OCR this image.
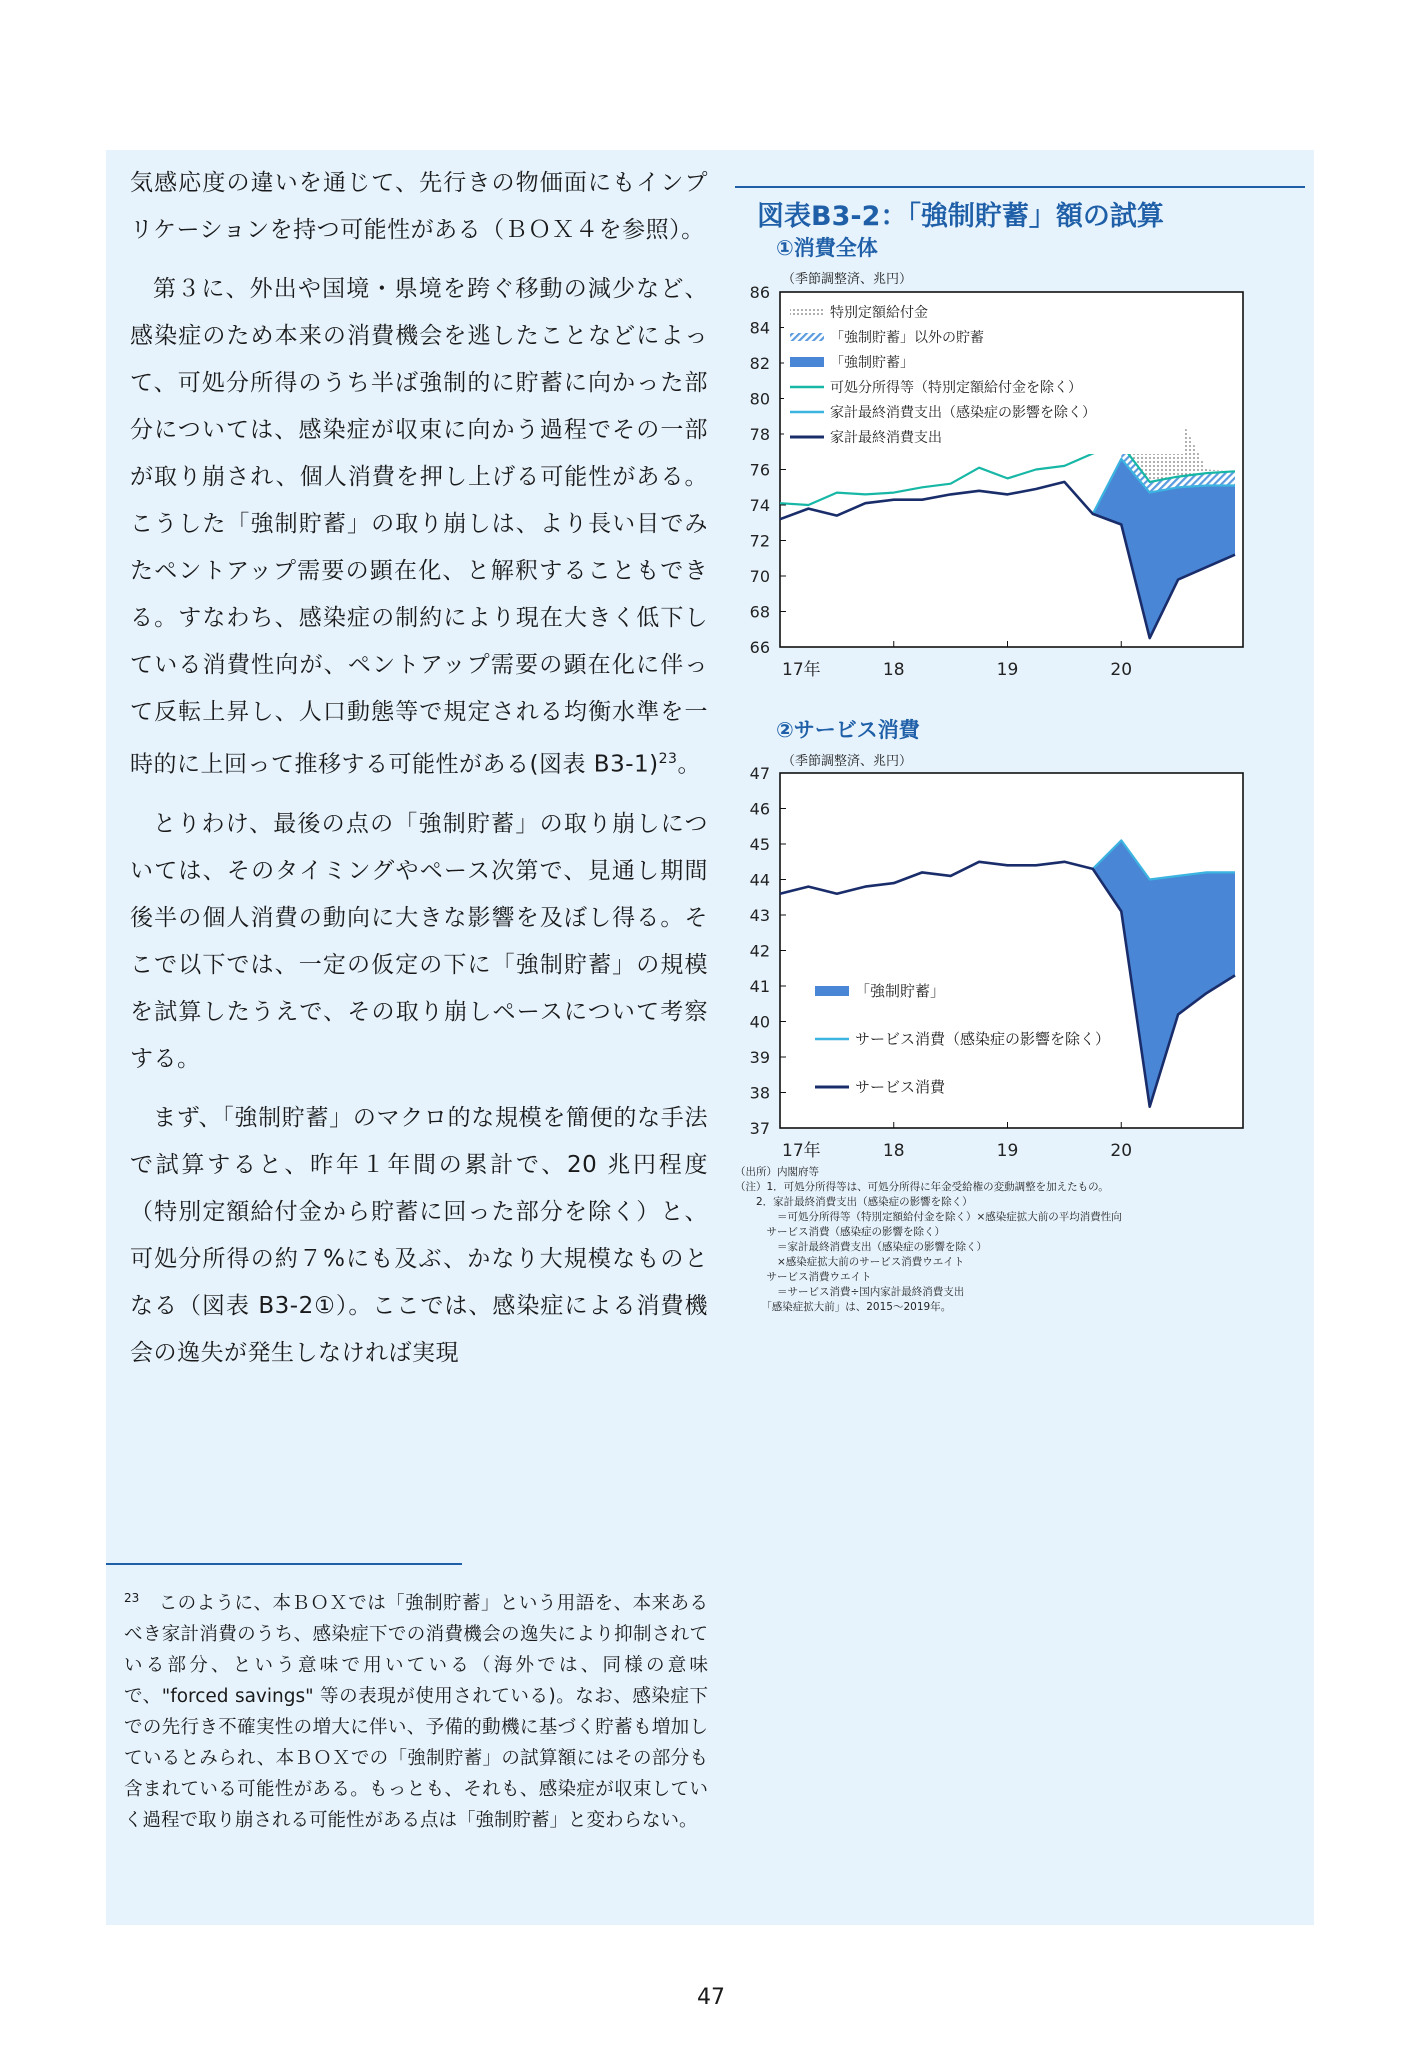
気感応度の違いを通じて、先行きの物価面にもインプリケーションを持つ可能性がある（ＢＯＸ４を参照）。

第３に、外出や国境・県境を跨ぐ移動の減少など、感染症のため本来の消費機会を逃したことなどによって、可処分所得のうち半ば強制的に貯蓄に向かった部分については、感染症が収束に向かう過程でその一部が取り崩され、個人消費を押し上げる可能性がある。こうした「強制貯蓄」の取り崩しは、より長い目でみたペントアップ需要の顕在化、と解釈することもできる。すなわち、感染症の制約により現在大きく低下している消費性向が、ペントアップ需要の顕在化に伴って反転上昇し、人口動態等で規定される均衡水準を一時的に上回って推移する可能性がある(図表 B3-1)$^{23}$。

とりわけ、最後の点の「強制貯蓄」の取り崩しについては、そのタイミングやペース次第で、見通し期間後半の個人消費の動向に大きな影響を及ぼし得る。そこで以下では、一定の仮定の下に「強制貯蓄」の規模を試算したうえで、その取り崩しペースについて考察する。

まず、「強制貯蓄」のマクロ的な規模を簡便的な手法で試算すると、昨年１年間の累計で、20 兆円程度（特別定額給付金から貯蓄に回った部分を除く）と、可処分所得の約７%にも及ぶ、かなり大規模なものとなる（図表 B3-2①）。ここでは、感染症による消費機会の逸失が発生しなければ実現

$^{23}$　 このように、本ＢＯＸでは「強制貯蓄」という用語を、本来あるべき家計消費のうち、感染症下での消費機会の逸失により抑制されている部分、という意味で用いている（海外では、同様の意味で、"forced savings" 等の表現が使用されている)。なお、感染症下での先行き不確実性の増大に伴い、予備的動機に基づく貯蓄も増加しているとみられ、本ＢＯＸでの「強制貯蓄」の試算額にはその部分も含まれている可能性がある。もっとも、それも、感染症が収束していく過程で取り崩される可能性がある点は「強制貯蓄」と変わらない。
図表B3-2：「強制貯蓄」額の試算
①消費全体
（季節調整済、兆円）
②サービス消費
（季節調整済、兆円）
66
68
70
72
74
76
78
80
82
84
86
17年	18	19	20
特別定額給付金
「強制貯蓄」以外の貯蓄
「強制貯蓄」
可処分所得等（特別定額給付金を除く）
家計最終消費支出（感染症の影響を除く）
家計最終消費支出
37
38
39
40
41
42
43
44
45
46
47
17年	18	19	20
「強制貯蓄」
サービス消費（感染症の影響を除く）
サービス消費
（出所）内閣府等
（注）1．可処分所得等は、可処分所得に年金受給権の変動調整を加えたもの。
　　2．家計最終消費支出（感染症の影響を除く）
　　　　＝可処分所得等（特別定額給付金を除く）×感染症拡大前の平均消費性向
　　　サービス消費（感染症の影響を除く）
　　　　＝家計最終消費支出（感染症の影響を除く）
　　　　×感染症拡大前のサービス消費ウエイト
　　　サービス消費ウエイト
　　　　＝サービス消費÷国内家計最終消費支出
　　　「感染症拡大前」は、2015～2019年。
47
